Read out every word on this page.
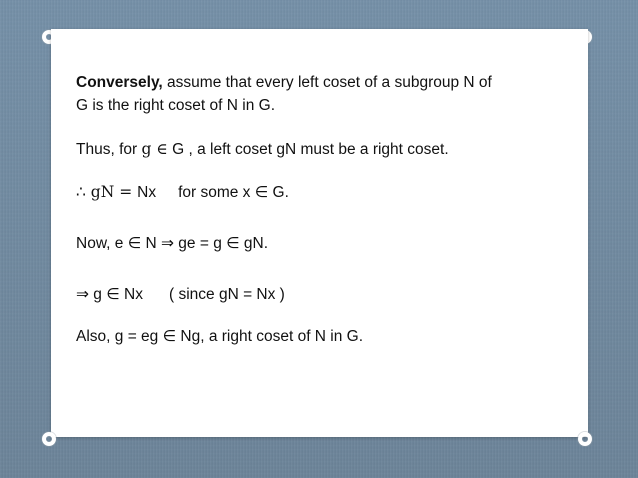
Conversely, assume that every left coset of a subgroup N of
G is the right coset of N in G.
Thus, for g ∈ G , a left coset gN must be a right coset.
∴ gN = Nx for some x ∈ G.
Now, e ∈ N ⇒ ge = g ∈ gN.
⇒ g ∈ Nx ( since gN = Nx )
Also, g = eg ∈ Ng, a right coset of N in G.
